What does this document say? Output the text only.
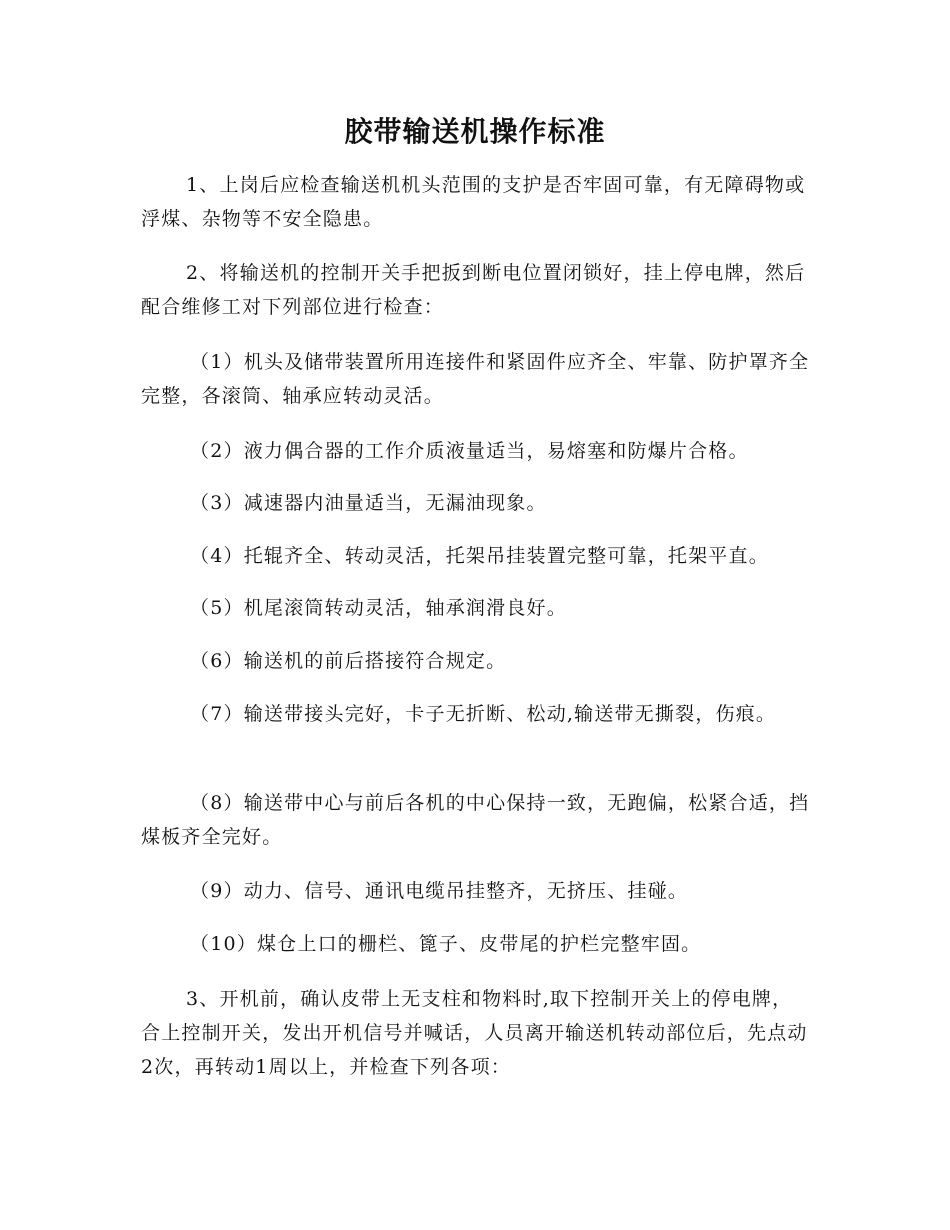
胶带输送机操作标准

1、上岗后应检查输送机机头范围的支护是否牢固可靠，有无障碍物或浮煤、杂物等不安全隐患。

2、将输送机的控制开关手把扳到断电位置闭锁好，挂上停电牌，然后配合维修工对下列部位进行检查：

（1）机头及储带装置所用连接件和紧固件应齐全、牢靠、防护罩齐全完整，各滚筒、轴承应转动灵活。

（2）液力偶合器的工作介质液量适当，易熔塞和防爆片合格。

（3）减速器内油量适当，无漏油现象。

（4）托辊齐全、转动灵活，托架吊挂装置完整可靠，托架平直。

（5）机尾滚筒转动灵活，轴承润滑良好。

（6）输送机的前后搭接符合规定。

（7）输送带接头完好，卡子无折断、松动,输送带无撕裂，伤痕。

（8）输送带中心与前后各机的中心保持一致，无跑偏，松紧合适，挡煤板齐全完好。

（9）动力、信号、通讯电缆吊挂整齐，无挤压、挂碰。

（10）煤仓上口的栅栏、篦子、皮带尾的护栏完整牢固。

3、开机前，确认皮带上无支柱和物料时,取下控制开关上的停电牌，合上控制开关，发出开机信号并喊话，人员离开输送机转动部位后，先点动2次，再转动1周以上，并检查下列各项：
